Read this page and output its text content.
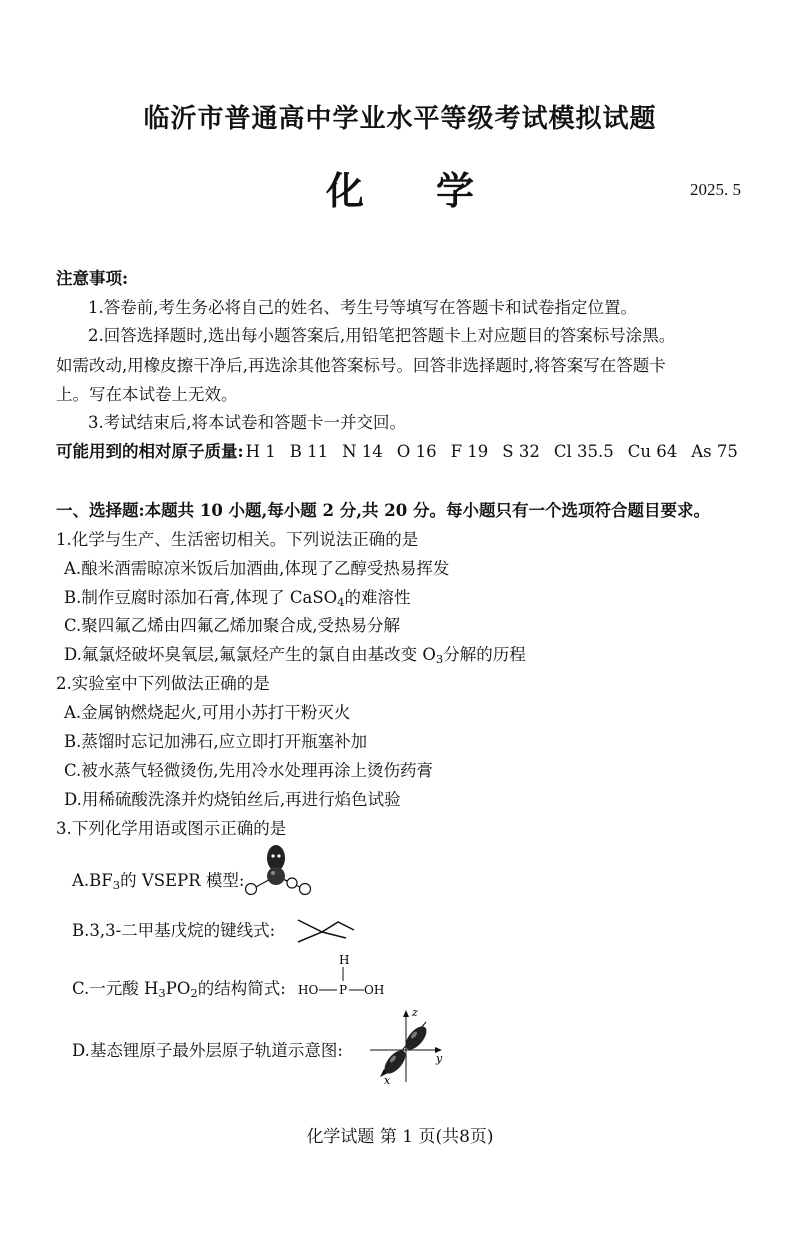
临沂市普通高中学业水平等级考试模拟试题
化学	2025. 5
注意事项:
1.答卷前,考生务必将自己的姓名、考生号等填写在答题卡和试卷指定位置。
2.回答选择题时,选出每小题答案后,用铅笔把答题卡上对应题目的答案标号涂黑。
如需改动,用橡皮擦干净后,再选涂其他答案标号。回答非选择题时,将答案写在答题卡
上。写在本试卷上无效。
3.考试结束后,将本试卷和答题卡一并交回。
可能用到的相对原子质量: H 1 B 11 N 14 O 16 F 19 S 32 Cl 35.5 Cu 64 As 75
一、选择题:本题共 10 小题,每小题 2 分,共 20 分。每小题只有一个选项符合题目要求。
1.化学与生产、生活密切相关。下列说法正确的是
A.酿米酒需晾凉米饭后加酒曲,体现了乙醇受热易挥发
B.制作豆腐时添加石膏,体现了 CaSO$_4$的难溶性
C.聚四氟乙烯由四氟乙烯加聚合成,受热易分解
D.氟氯烃破坏臭氧层,氟氯烃产生的氯自由基改变 $O_3$分解的历程
2.实验室中下列做法正确的是
A.金属钠燃烧起火,可用小苏打干粉灭火
B.蒸馏时忘记加沸石,应立即打开瓶塞补加
C.被水蒸气轻微烫伤,先用冷水处理再涂上烫伤药膏
D.用稀硫酸洗涤并灼烧铂丝后,再进行焰色试验
3.下列化学用语或图示正确的是
$A.BF_3$的 VSEPR 模型:
B.3,3-二甲基戊烷的键线式:
C.一元酸 $H_3PO_2$的结构简式:
H
HO P OH
D.基态锂原子最外层原子轨道示意图:
z
y
x
化学试题 第 1 页(共8页)
